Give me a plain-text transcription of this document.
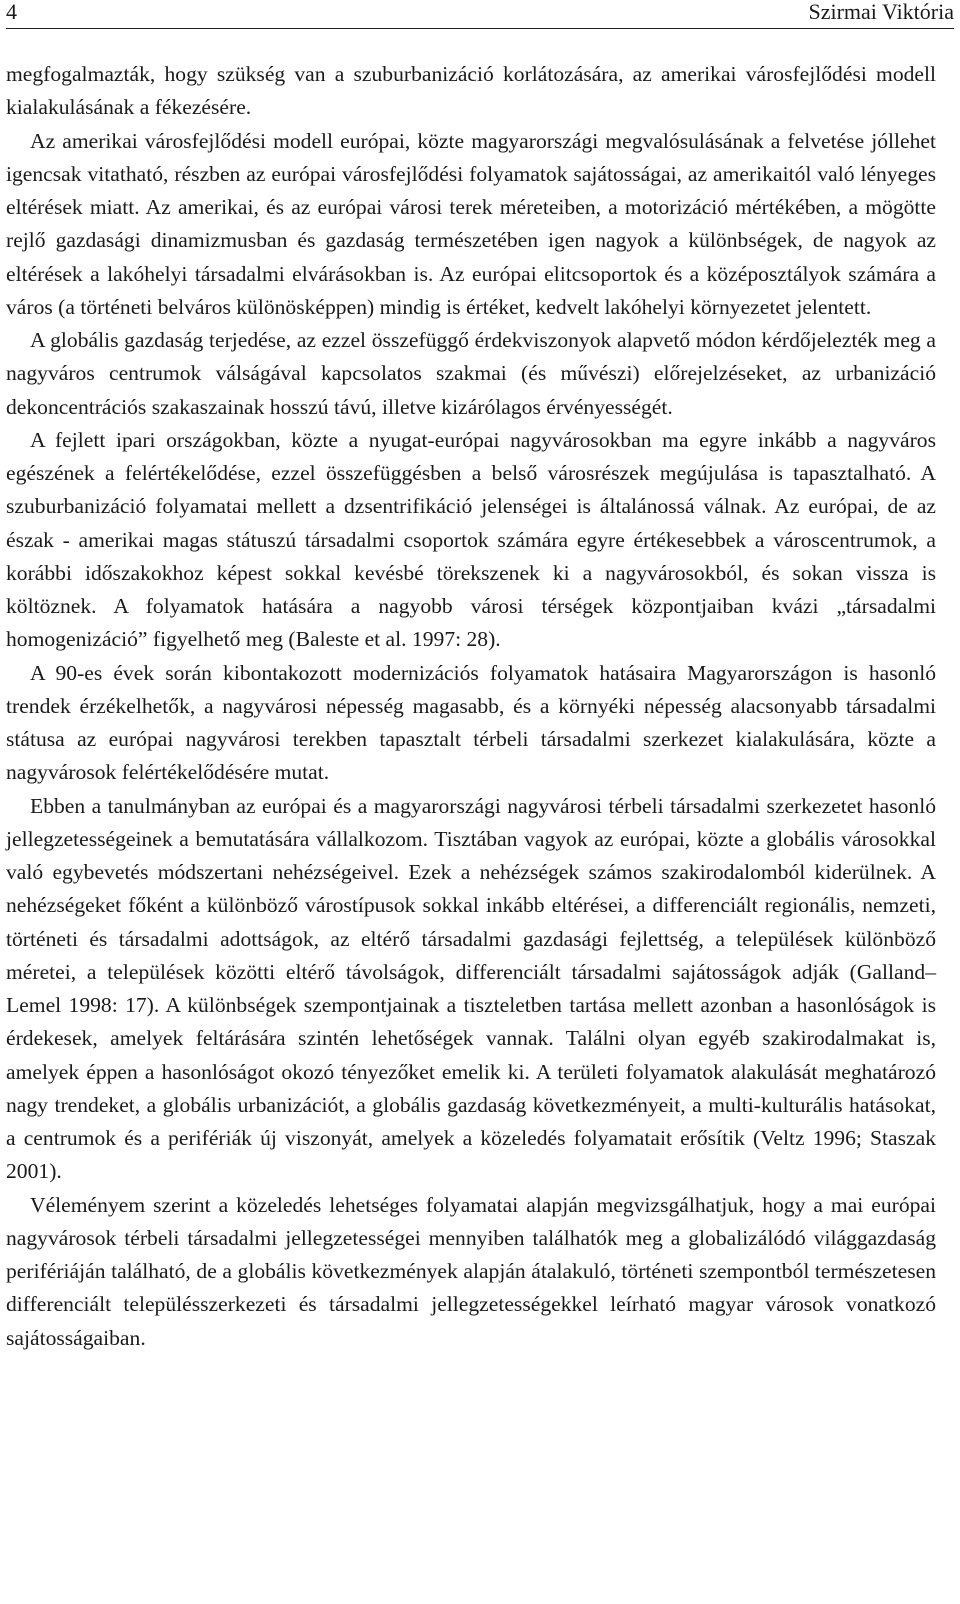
4	Szirmai Viktória

megfogalmazták, hogy szükség van a szuburbanizáció korlátozására, az amerikai városfejlődési modell kialakulásának a fékezésére.

Az amerikai városfejlődési modell európai, közte magyarországi megvalósulásának a felvetése jóllehet igencsak vitatható, részben az európai városfejlődési folyamatok sajátosságai, az amerikaitól való lényeges eltérések miatt. Az amerikai, és az európai városi terek méreteiben, a motorizáció mértékében, a mögötte rejlő gazdasági dinamizmusban és gazdaság természetében igen nagyok a különbségek, de nagyok az eltérések a lakóhelyi társadalmi elvárásokban is. Az európai elitcsoportok és a középosztályok számára a város (a történeti belváros különösképpen) mindig is értéket, kedvelt lakóhelyi környezetet jelentett.

A globális gazdaság terjedése, az ezzel összefüggő érdekviszonyok alapvető módon kérdőjelezték meg a nagyváros centrumok válságával kapcsolatos szakmai (és művészi) előrejelzéseket, az urbanizáció dekoncentrációs szakaszainak hosszú távú, illetve kizárólagos érvényességét.

A fejlett ipari országokban, közte a nyugat-európai nagyvárosokban ma egyre inkább a nagyváros egészének a felértékelődése, ezzel összefüggésben a belső városrészek megújulása is tapasztalható. A szuburbanizáció folyamatai mellett a dzsentrifikáció jelenségei is általánossá válnak. Az európai, de az észak - amerikai magas státuszú társadalmi csoportok számára egyre értékesebbek a városcentrumok, a korábbi időszakokhoz képest sokkal kevésbé törekszenek ki a nagyvárosokból, és sokan vissza is költöznek. A folyamatok hatására a nagyobb városi térségek központjaiban kvázi „társadalmi homogenizáció” figyelhető meg (Baleste et al. 1997: 28).

A 90-es évek során kibontakozott modernizációs folyamatok hatásaira Magyarországon is hasonló trendek érzékelhetők, a nagyvárosi népesség magasabb, és a környéki népesség alacsonyabb társadalmi státusa az európai nagyvárosi terekben tapasztalt térbeli társadalmi szerkezet kialakulására, közte a nagyvárosok felértékelődésére mutat.

Ebben a tanulmányban az európai és a magyarországi nagyvárosi térbeli társadalmi szerkezetet hasonló jellegzetességeinek a bemutatására vállalkozom. Tisztában vagyok az európai, közte a globális városokkal való egybevetés módszertani nehézségeivel. Ezek a nehézségek számos szakirodalomból kiderülnek. A nehézségeket főként a különböző várostípusok sokkal inkább eltérései, a differenciált regionális, nemzeti, történeti és társadalmi adottságok, az eltérő társadalmi gazdasági fejlettség, a települések különböző méretei, a települések közötti eltérő távolságok, differenciált társadalmi sajátosságok adják (Galland–Lemel 1998: 17). A különbségek szempontjainak a tiszteletben tartása mellett azonban a hasonlóságok is érdekesek, amelyek feltárására szintén lehetőségek vannak. Találni olyan egyéb szakirodalmakat is, amelyek éppen a hasonlóságot okozó tényezőket emelik ki. A területi folyamatok alakulását meghatározó nagy trendeket, a globális urbanizációt, a globális gazdaság következményeit, a multi-kulturális hatásokat, a centrumok és a perifériák új viszonyát, amelyek a közeledés folyamatait erősítik (Veltz 1996; Staszak 2001).

Véleményem szerint a közeledés lehetséges folyamatai alapján megvizsgálhatjuk, hogy a mai európai nagyvárosok térbeli társadalmi jellegzetességei mennyiben találhatók meg a globalizálódó világgazdaság perifériáján található, de a globális következmények alapján átalakuló, történeti szempontból természetesen differenciált településszerkezeti és társadalmi jellegzetességekkel leírható magyar városok vonatkozó sajátosságaiban.
